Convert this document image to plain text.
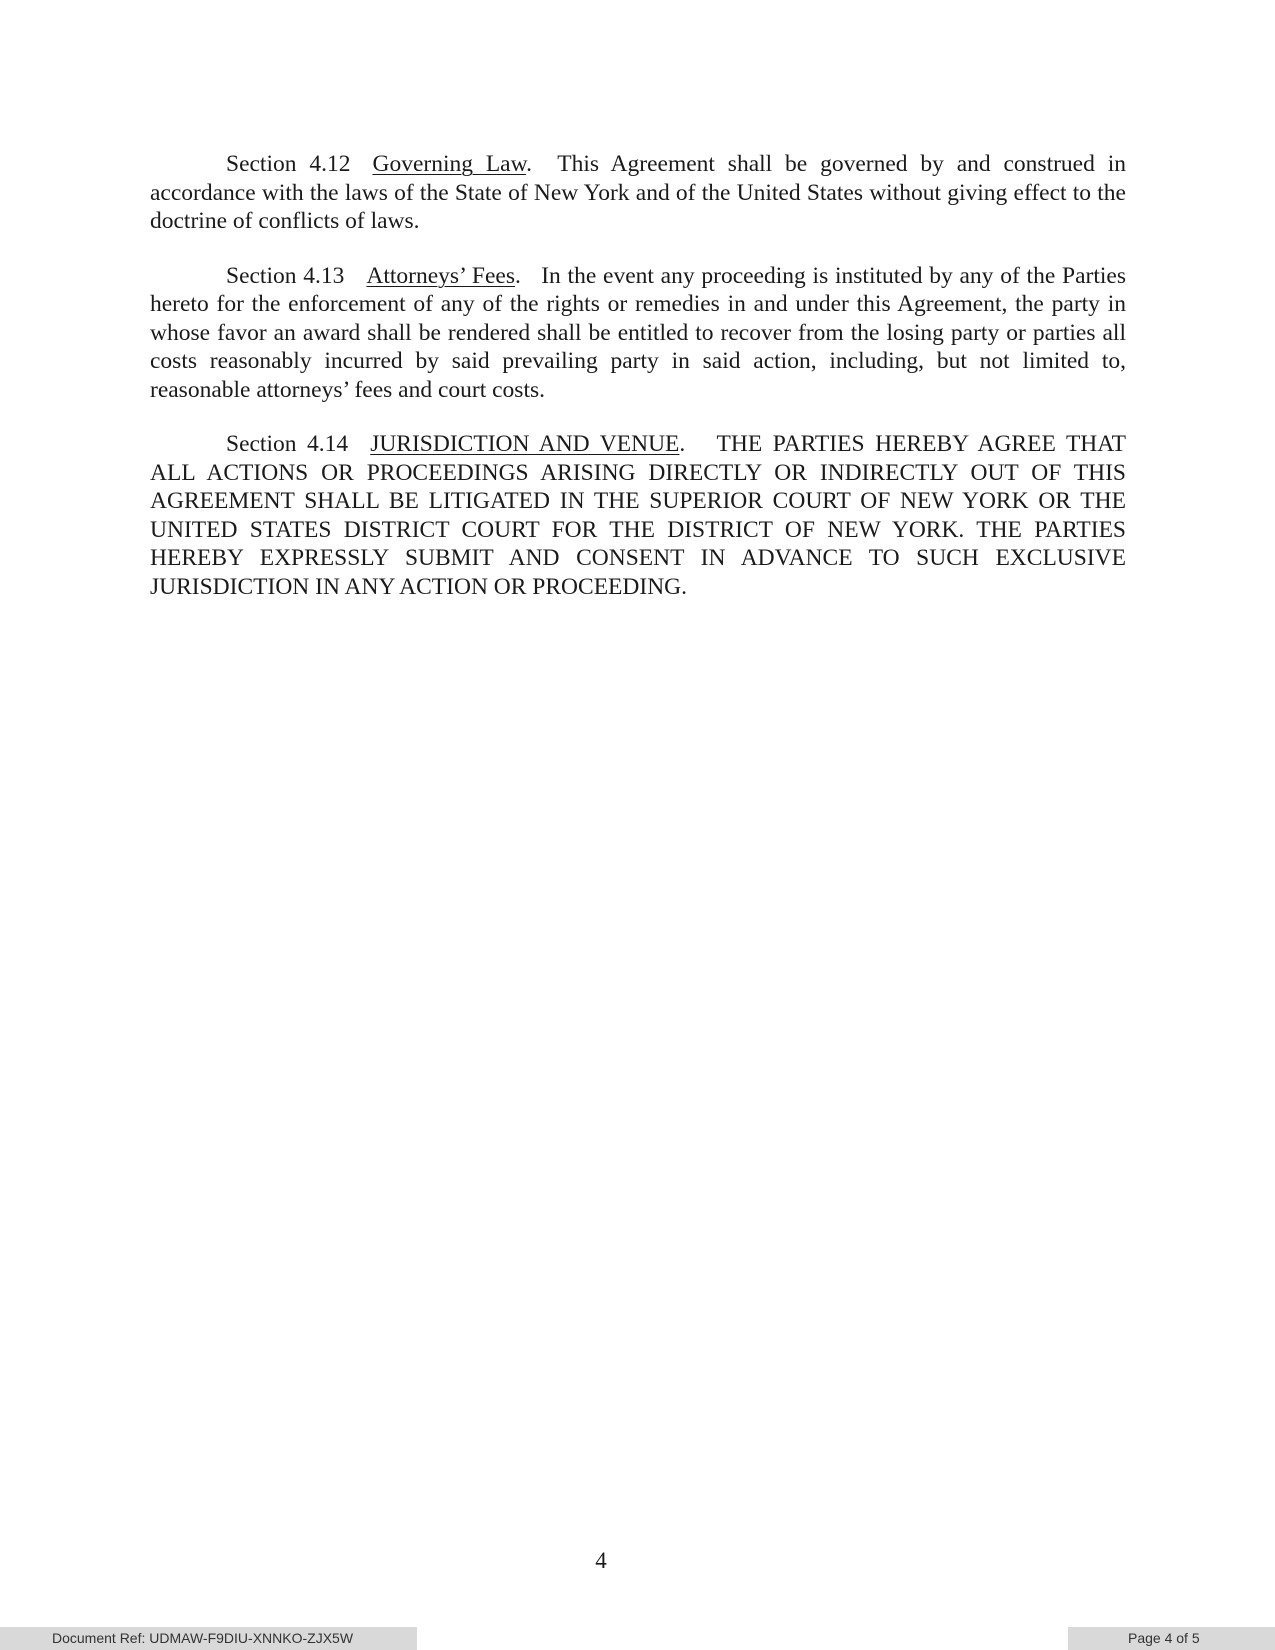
Section 4.12 Governing Law.  This Agreement shall be governed by and construed in accordance with the laws of the State of New York and of the United States without giving effect to the doctrine of conflicts of laws.

Section 4.13 Attorneys’ Fees.   In the event any proceeding is instituted by any of the Parties hereto for the enforcement of any of the rights or remedies in and under this Agreement, the party in whose favor an award shall be rendered shall be entitled to recover from the losing party or parties all costs reasonably incurred by said prevailing party in said action, including, but not limited to, reasonable attorneys’ fees and court costs.

Section 4.14 JURISDICTION AND VENUE.   THE PARTIES HEREBY AGREE THAT ALL ACTIONS OR PROCEEDINGS ARISING DIRECTLY OR INDIRECTLY OUT OF THIS AGREEMENT SHALL BE LITIGATED IN THE SUPERIOR COURT OF NEW YORK OR THE UNITED STATES DISTRICT COURT FOR THE DISTRICT OF NEW YORK. THE PARTIES HEREBY EXPRESSLY SUBMIT AND CONSENT IN ADVANCE TO SUCH EXCLUSIVE JURISDICTION IN ANY ACTION OR PROCEEDING.

4
Document Ref: UDMAW-F9DIU-XNNKO-ZJX5W	Page 4 of 5
